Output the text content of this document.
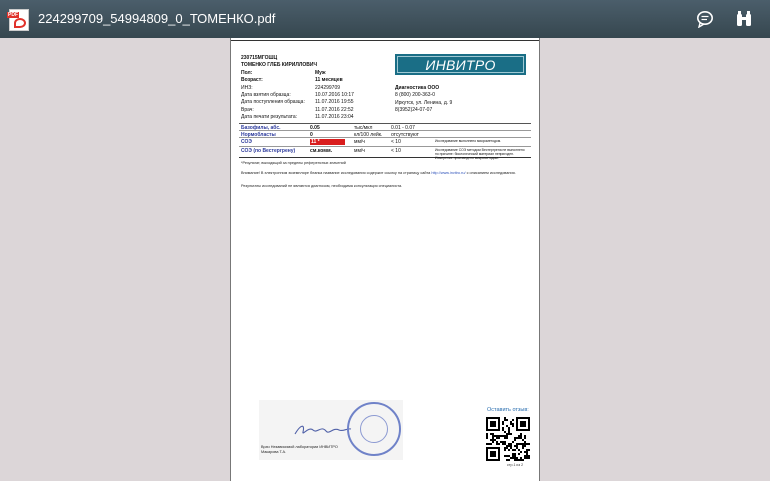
PDF 224299709_54994809_0_ТОМЕНКО.pdf
230715МГОШЦ
ТОМЕНКО ГЛЕБ КИРИЛЛОВИЧ
Пол:	Муж
Возраст:	11 месяцев
ИНЗ:	224299709
Дата взятия образца:	10.07.2016 10:17
Дата поступления образца:	11.07.2016 19:55
Врач:	11.07.2016 22:52
Дата печати результата:	11.07.2016 23:04
ИНВИТРО
Диагностика ООО
8 (800) 200-363-0
Иркутск, ул. Ленина, д. 9
8(3952)24-07-07
Базофилы, абс.	0.05	тыс/мкл	0.01 - 0.07
Нормобласты	0	кл/100 лейк. отсутствуют
СОЭ	11 *	мм/ч	< 10	Исследование выполнено микрометодом.
СОЭ (по Вестергрену)	см.комм.	мм/ч	< 10	Исследование СОЭ методом Вестергрена не выполнено по причине: биологический материал непригоден. Измерение произведено микрометодом.
*Результат, выходящий за пределы референсных значений
Внимание! В электронном экземпляре бланка название исследования содержит ссылку на страницу сайта http://www.invitro.ru/ с описанием исследования.
Результаты исследований не являются диагнозом, необходима консультация специалиста.
Врач Независимой лаборатории ИНВИТРО
Макарова Т.А.
Оставить отзыв:
стр.1 из 2
